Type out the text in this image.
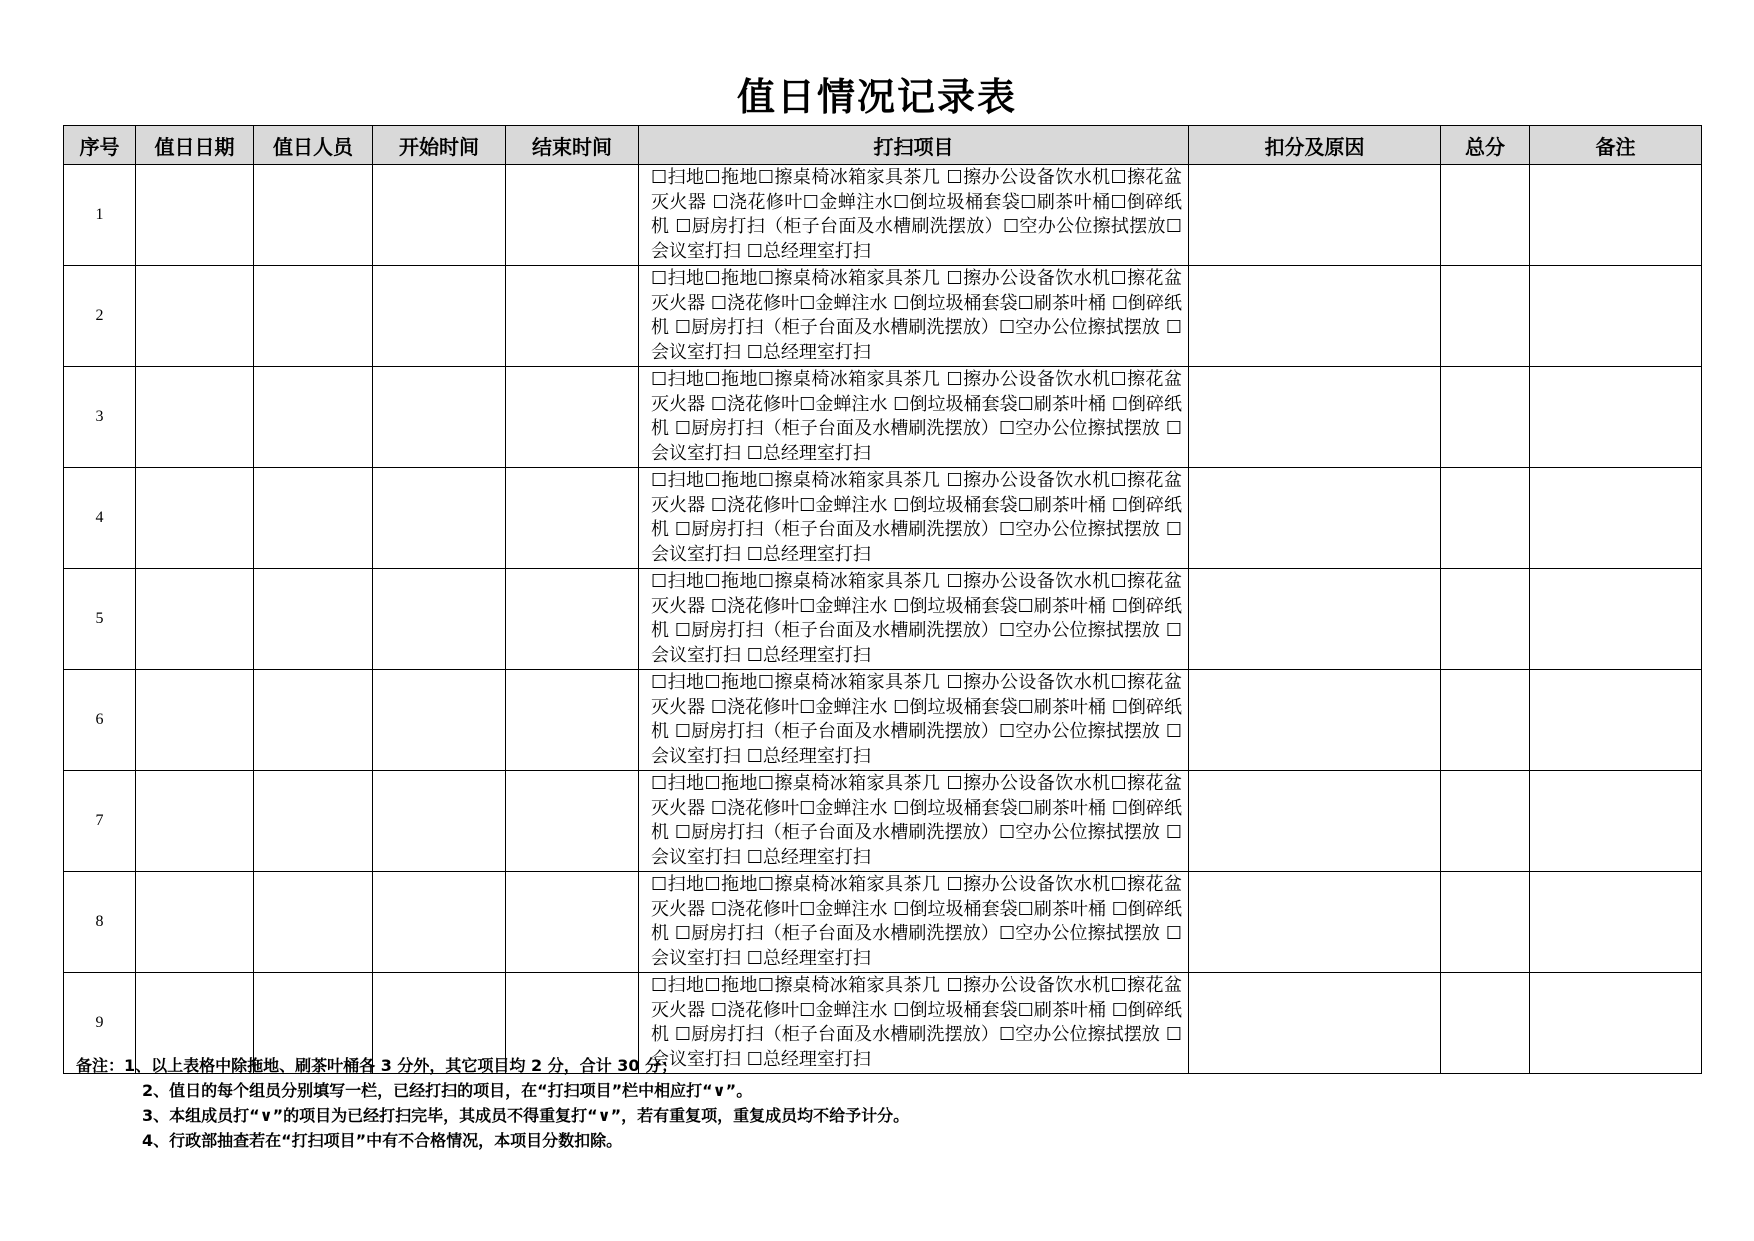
值日情况记录表
序号	值日日期	值日人员	开始时间	结束时间	打扫项目	扣分及原因	总分	备注
1					☐扫地☐拖地☐擦桌椅冰箱家具茶几 ☐擦办公设备饮水机☐擦花盆灭火器 ☐浇花修叶☐金蝉注水☐倒垃圾桶套袋☐刷茶叶桶☐倒碎纸机 ☐厨房打扫（柜子台面及水槽刷洗摆放）☐空办公位擦拭摆放☐会议室打扫 ☐总经理室打扫			

2					☐扫地☐拖地☐擦桌椅冰箱家具茶几 ☐擦办公设备饮水机☐擦花盆灭火器 ☐浇花修叶☐金蝉注水 ☐倒垃圾桶套袋☐刷茶叶桶 ☐倒碎纸机 ☐厨房打扫（柜子台面及水槽刷洗摆放）☐空办公位擦拭摆放 ☐会议室打扫 ☐总经理室打扫			

3					☐扫地☐拖地☐擦桌椅冰箱家具茶几 ☐擦办公设备饮水机☐擦花盆灭火器 ☐浇花修叶☐金蝉注水 ☐倒垃圾桶套袋☐刷茶叶桶 ☐倒碎纸机 ☐厨房打扫（柜子台面及水槽刷洗摆放）☐空办公位擦拭摆放 ☐会议室打扫 ☐总经理室打扫			

4					☐扫地☐拖地☐擦桌椅冰箱家具茶几 ☐擦办公设备饮水机☐擦花盆灭火器 ☐浇花修叶☐金蝉注水 ☐倒垃圾桶套袋☐刷茶叶桶 ☐倒碎纸机 ☐厨房打扫（柜子台面及水槽刷洗摆放）☐空办公位擦拭摆放 ☐会议室打扫 ☐总经理室打扫			

5					☐扫地☐拖地☐擦桌椅冰箱家具茶几 ☐擦办公设备饮水机☐擦花盆灭火器 ☐浇花修叶☐金蝉注水 ☐倒垃圾桶套袋☐刷茶叶桶 ☐倒碎纸机 ☐厨房打扫（柜子台面及水槽刷洗摆放）☐空办公位擦拭摆放 ☐会议室打扫 ☐总经理室打扫			

6					☐扫地☐拖地☐擦桌椅冰箱家具茶几 ☐擦办公设备饮水机☐擦花盆灭火器 ☐浇花修叶☐金蝉注水 ☐倒垃圾桶套袋☐刷茶叶桶 ☐倒碎纸机 ☐厨房打扫（柜子台面及水槽刷洗摆放）☐空办公位擦拭摆放 ☐会议室打扫 ☐总经理室打扫			

7					☐扫地☐拖地☐擦桌椅冰箱家具茶几 ☐擦办公设备饮水机☐擦花盆灭火器 ☐浇花修叶☐金蝉注水 ☐倒垃圾桶套袋☐刷茶叶桶 ☐倒碎纸机 ☐厨房打扫（柜子台面及水槽刷洗摆放）☐空办公位擦拭摆放 ☐会议室打扫 ☐总经理室打扫			

8					☐扫地☐拖地☐擦桌椅冰箱家具茶几 ☐擦办公设备饮水机☐擦花盆灭火器 ☐浇花修叶☐金蝉注水 ☐倒垃圾桶套袋☐刷茶叶桶 ☐倒碎纸机 ☐厨房打扫（柜子台面及水槽刷洗摆放）☐空办公位擦拭摆放 ☐会议室打扫 ☐总经理室打扫			

9					☐扫地☐拖地☐擦桌椅冰箱家具茶几 ☐擦办公设备饮水机☐擦花盆灭火器 ☐浇花修叶☐金蝉注水 ☐倒垃圾桶套袋☐刷茶叶桶 ☐倒碎纸机 ☐厨房打扫（柜子台面及水槽刷洗摆放）☐空办公位擦拭摆放 ☐会议室打扫 ☐总经理室打扫			

备注：1、以上表格中除拖地、刷茶叶桶各 3 分外，其它项目均 2 分，合计 30 分；
2、值日的每个组员分别填写一栏，已经打扫的项目，在“打扫项目”栏中相应打“∨”。
3、本组成员打“∨”的项目为已经打扫完毕，其成员不得重复打“∨”，若有重复项，重复成员均不给予计分。
4、行政部抽查若在“打扫项目”中有不合格情况，本项目分数扣除。
